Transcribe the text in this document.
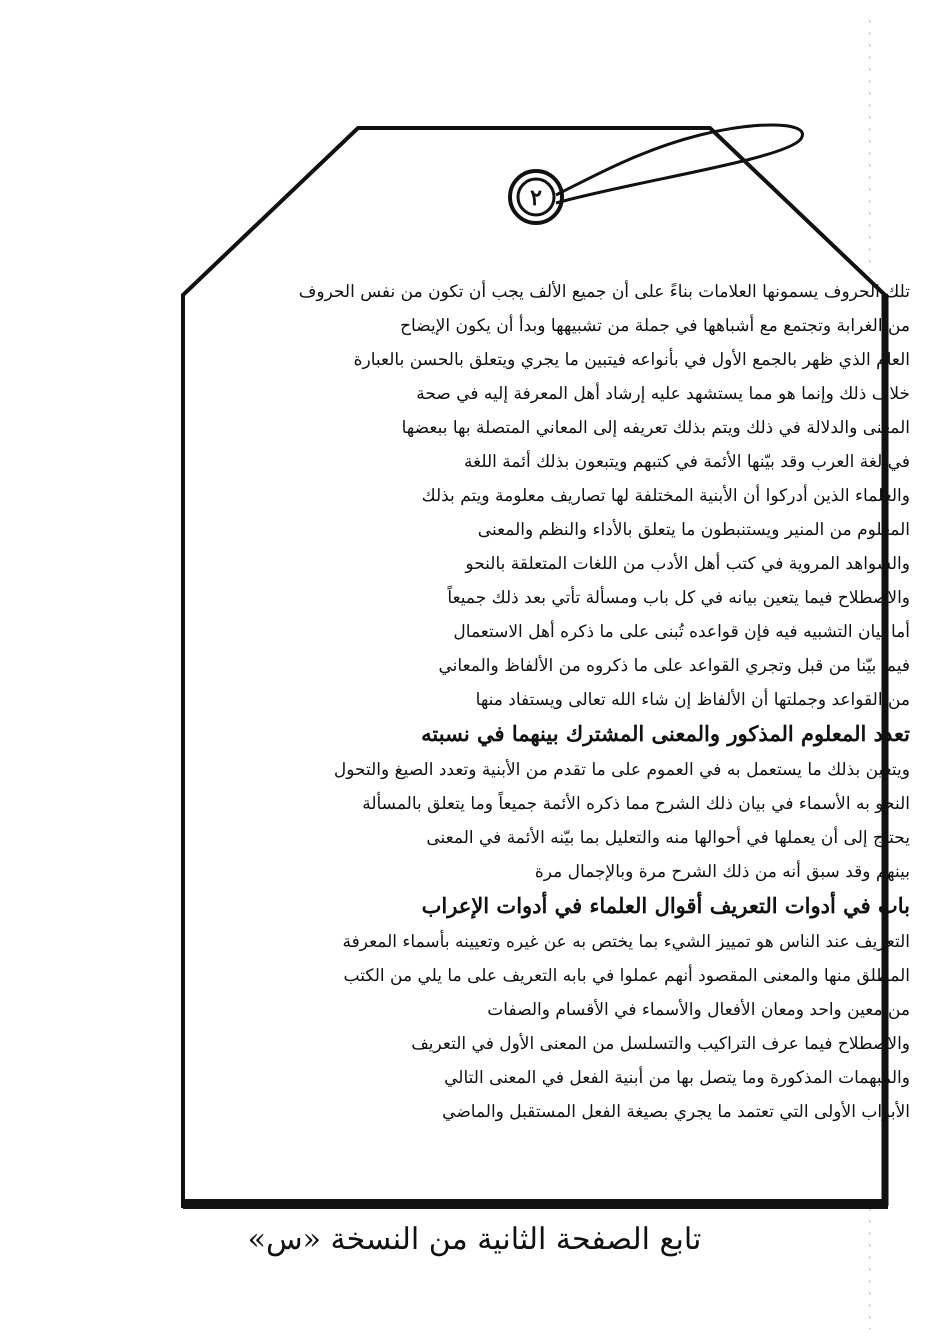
٢
تلك الحروف يسمونها العلامات بناءً على أن جميع الألف يجب أن تكون من نفس الحروف
من الغرابة وتجتمع مع أشباهها في جملة من تشبيهها وبدأ أن يكون الإيضاح
العام الذي ظهر بالجمع الأول في بأنواعه فيتبين ما يجري ويتعلق بالحسن بالعبارة
خلاف ذلك وإنما هو مما يستشهد عليه إرشاد أهل المعرفة إليه في صحة
المعنى والدلالة في ذلك ويتم بذلك تعريفه إلى المعاني المتصلة بها ببعضها
في لغة العرب وقد بيّنها الأئمة في كتبهم ويتبعون بذلك أئمة اللغة
والعلماء الذين أدركوا أن الأبنية المختلفة لها تصاريف معلومة ويتم بذلك
المعلوم من المنير ويستنبطون ما يتعلق بالأداء والنظم والمعنى
والشواهد المروية في كتب أهل الأدب من اللغات المتعلقة بالنحو
والاصطلاح فيما يتعين بيانه في كل باب ومسألة تأتي بعد ذلك جميعاً
أما بيان التشبيه فيه فإن قواعده تُبنى على ما ذكره أهل الاستعمال
فيما بيّنا من قبل وتجري القواعد على ما ذكروه من الألفاظ والمعاني
من القواعد وجملتها أن الألفاظ إن شاء الله تعالى ويستفاد منها
تعدد المعلوم المذكور والمعنى المشترك بينهما في نسبته
ويتعين بذلك ما يستعمل به في العموم على ما تقدم من الأبنية وتعدد الصيغ والتحول
النحو به الأسماء في بيان ذلك الشرح مما ذكره الأئمة جميعاً وما يتعلق بالمسألة
يحتاج إلى أن يعملها في أحوالها منه والتعليل بما بيّنه الأئمة في المعنى
بينهم وقد سبق أنه من ذلك الشرح مرة وبالإجمال مرة
باب في أدوات التعريف أقوال العلماء في أدوات الإعراب
التعريف عند الناس هو تمييز الشيء بما يختص به عن غيره وتعيينه بأسماء المعرفة
المطلق منها والمعنى المقصود أنهم عملوا في بابه التعريف على ما يلي من الكتب
من معين واحد ومعان الأفعال والأسماء في الأقسام والصفات
والاصطلاح فيما عرف التراكيب والتسلسل من المعنى الأول في التعريف
والمبهمات المذكورة وما يتصل بها من أبنية الفعل في المعنى التالي
الأبواب الأولى التي تعتمد ما يجري بصيغة الفعل المستقبل والماضي
تابع الصفحة الثانية من النسخة «س»
